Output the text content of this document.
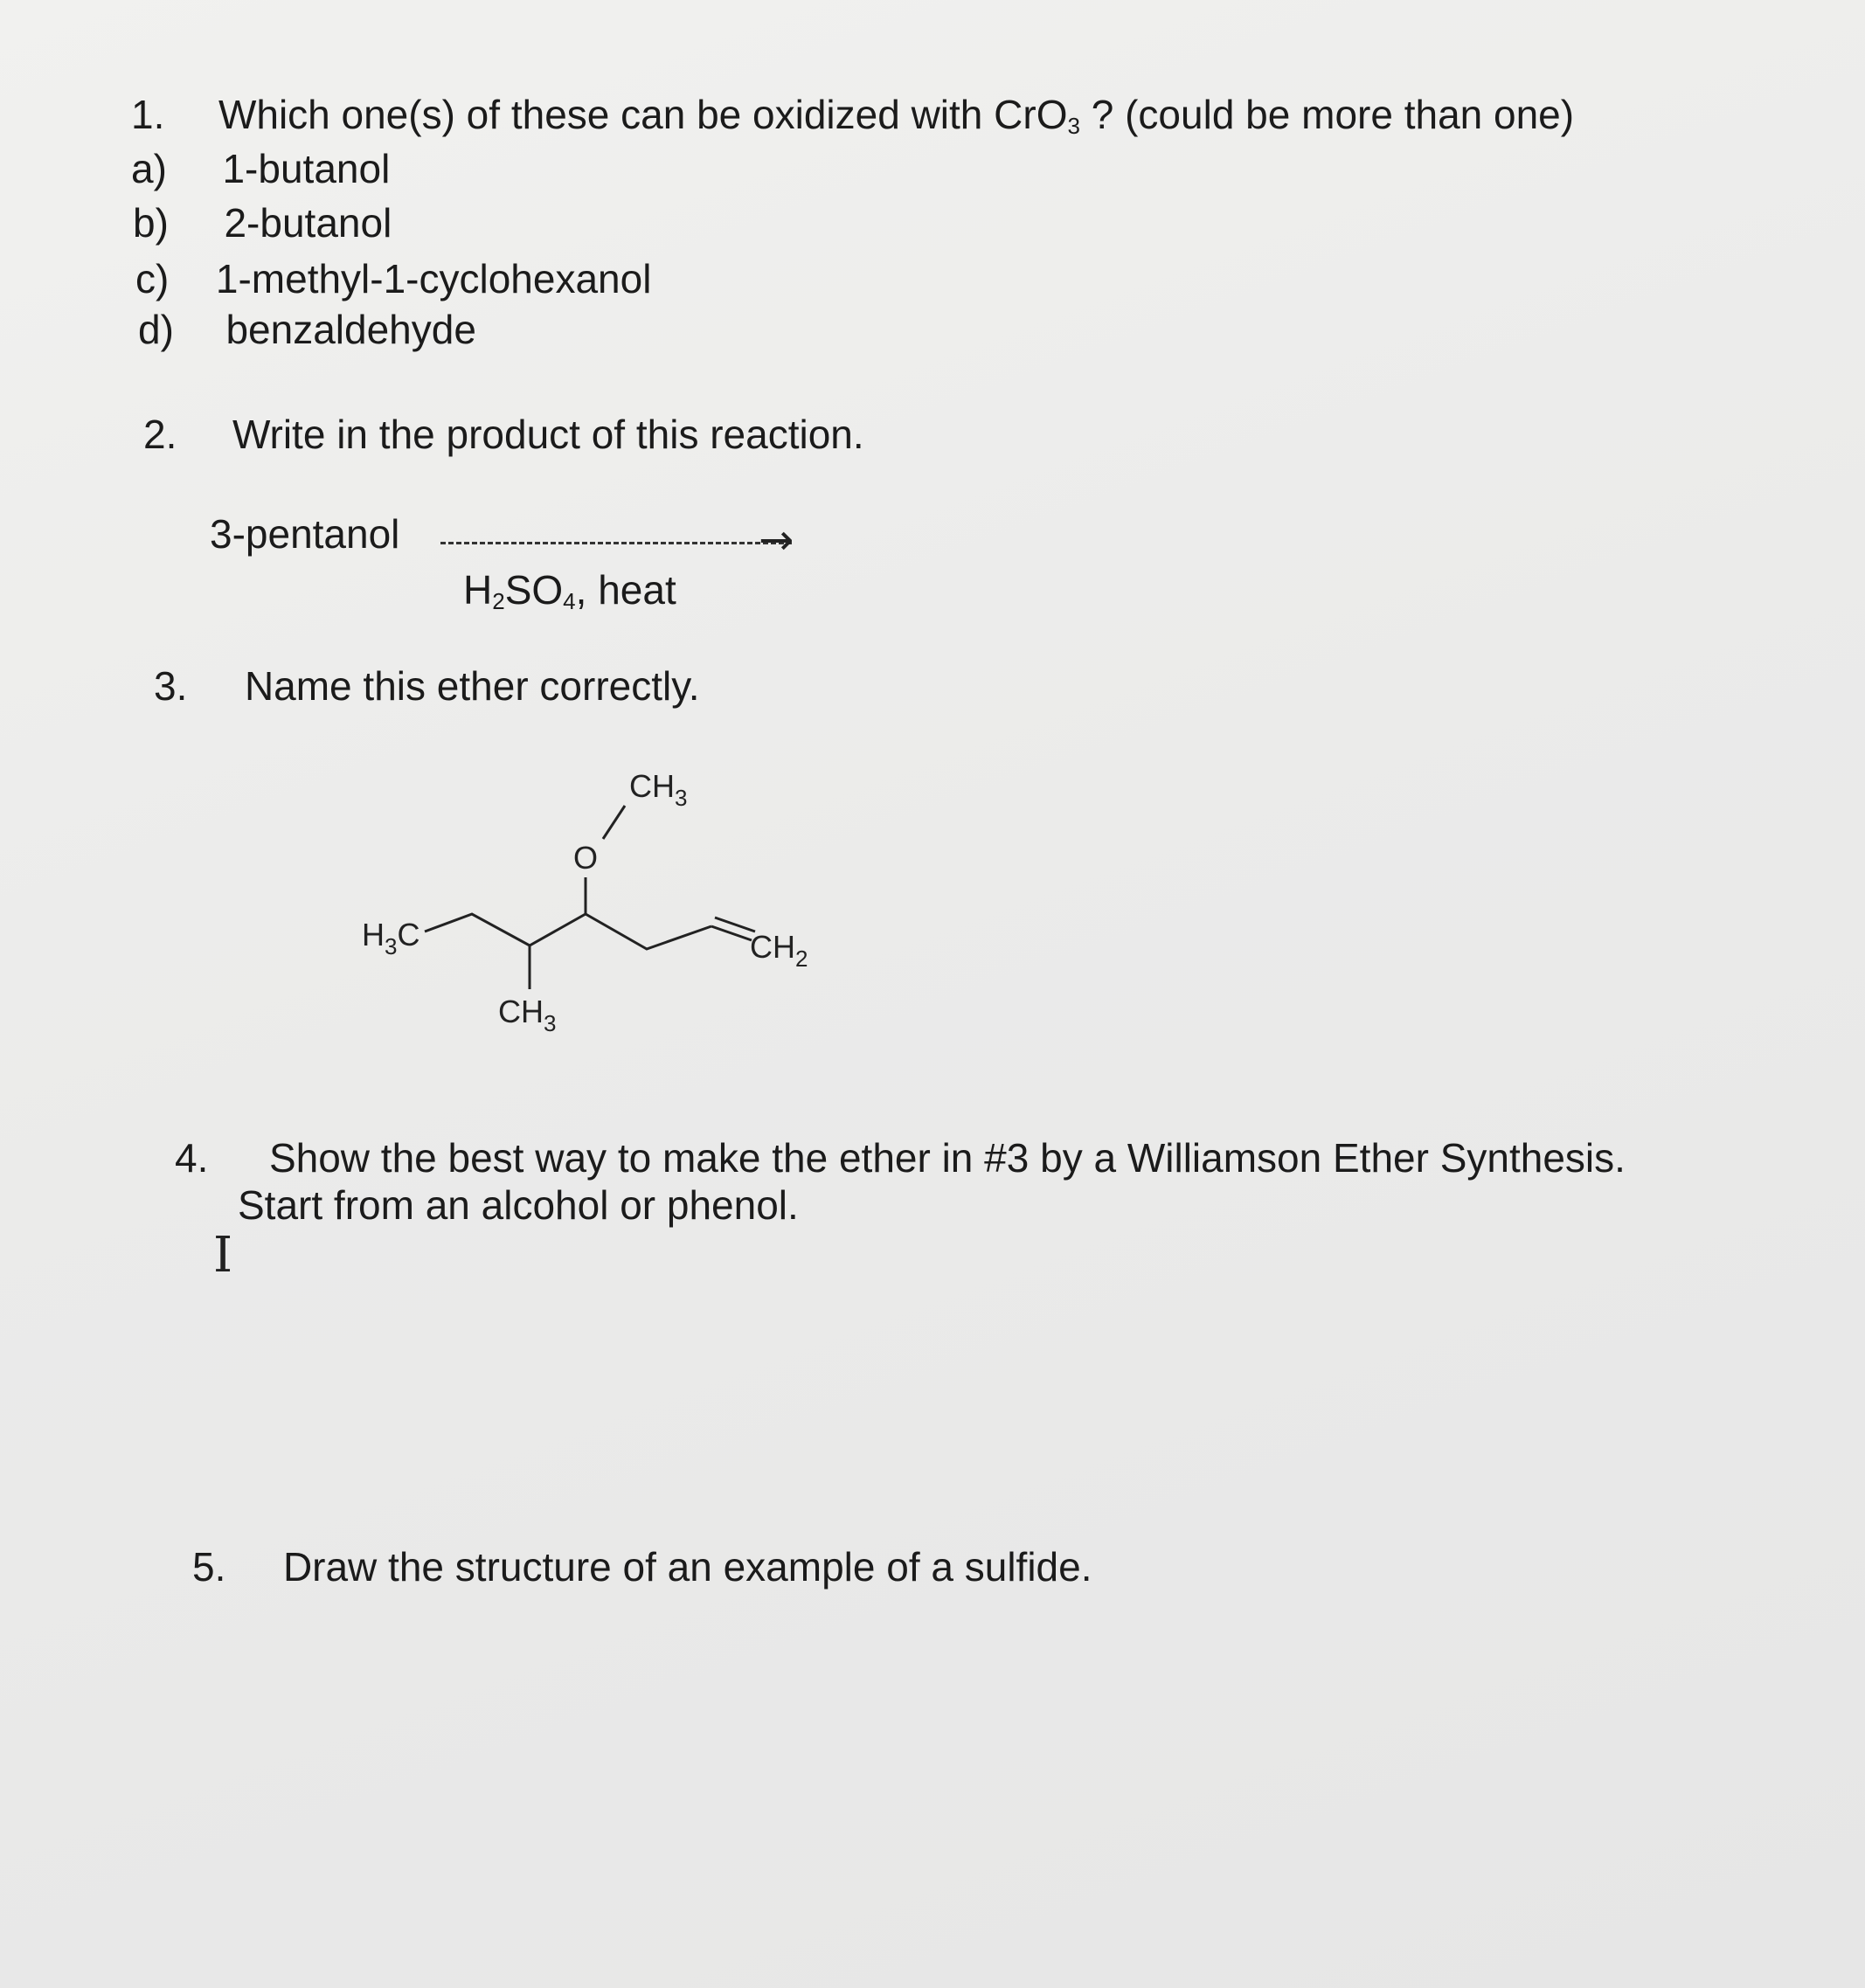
1. Which one(s) of these can be oxidized with CrO$_3$ ? (could be more than one)
a) 1-butanol
b) 2-butanol
c) 1-methyl-1-cyclohexanol
d) benzaldehyde
2. Write in the product of this reaction.
3-pentanol	→
$H_2SO_4$, heat
3. Name this ether correctly.
$CH_3$
O
$H_3C$
$CH_3$
$CH_2$
4. Show the best way to make the ether in #3 by a Williamson Ether Synthesis.
Start from an alcohol or phenol.
I
5. Draw the structure of an example of a sulfide.
